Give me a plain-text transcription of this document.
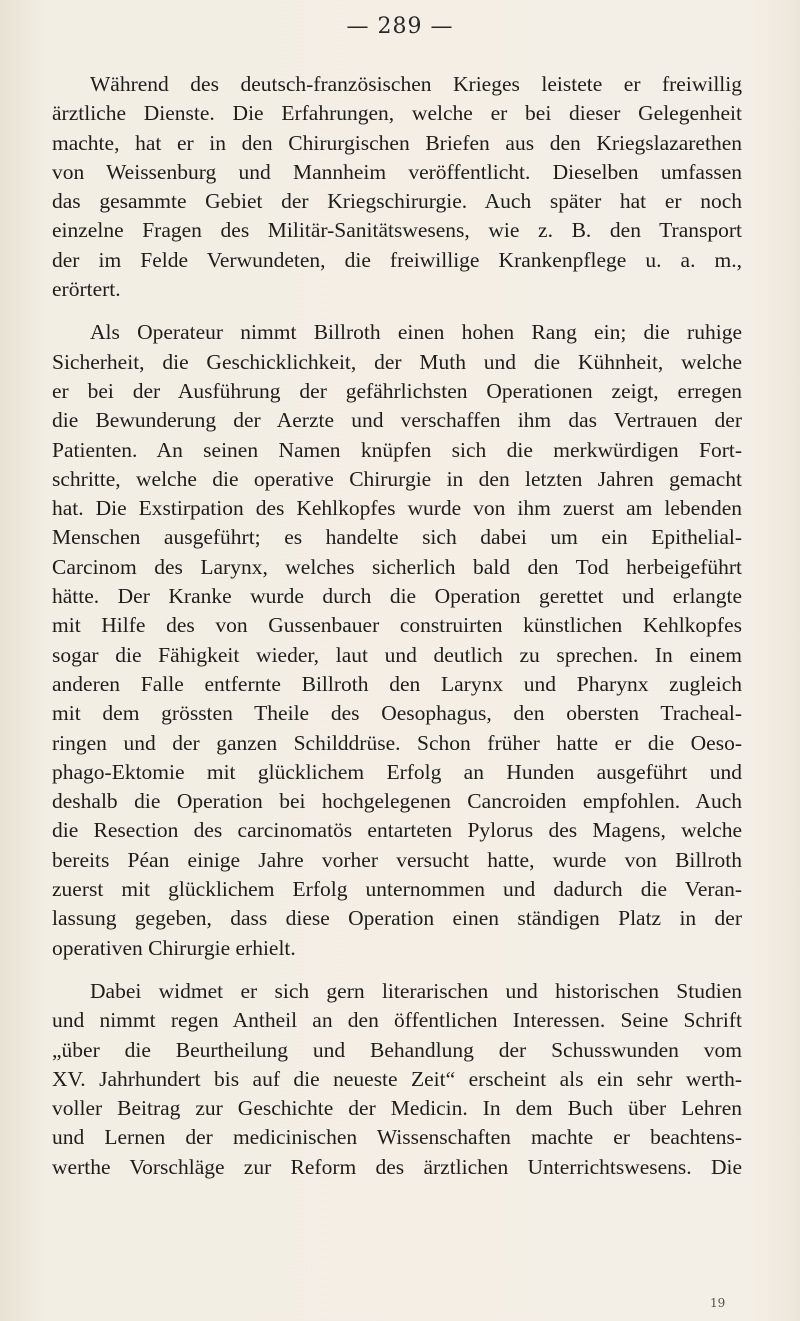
— 289 —

Während des deutsch-französischen Krieges leistete er freiwillig
ärztliche Dienste. Die Erfahrungen, welche er bei dieser Gelegenheit
machte, hat er in den Chirurgischen Briefen aus den Kriegslazarethen
von Weissenburg und Mannheim veröffentlicht. Dieselben umfassen
das gesammte Gebiet der Kriegschirurgie. Auch später hat er noch
einzelne Fragen des Militär-Sanitätswesens, wie z. B. den Transport
der im Felde Verwundeten, die freiwillige Krankenpflege u. a. m.,
erörtert.

Als Operateur nimmt Billroth einen hohen Rang ein; die ruhige
Sicherheit, die Geschicklichkeit, der Muth und die Kühnheit, welche
er bei der Ausführung der gefährlichsten Operationen zeigt, erregen
die Bewunderung der Aerzte und verschaffen ihm das Vertrauen der
Patienten. An seinen Namen knüpfen sich die merkwürdigen Fort-
schritte, welche die operative Chirurgie in den letzten Jahren gemacht
hat. Die Exstirpation des Kehlkopfes wurde von ihm zuerst am lebenden
Menschen ausgeführt; es handelte sich dabei um ein Epithelial-
Carcinom des Larynx, welches sicherlich bald den Tod herbeigeführt
hätte. Der Kranke wurde durch die Operation gerettet und erlangte
mit Hilfe des von Gussenbauer construirten künstlichen Kehlkopfes
sogar die Fähigkeit wieder, laut und deutlich zu sprechen. In einem
anderen Falle entfernte Billroth den Larynx und Pharynx zugleich
mit dem grössten Theile des Oesophagus, den obersten Tracheal-
ringen und der ganzen Schilddrüse. Schon früher hatte er die Oeso-
phago-Ektomie mit glücklichem Erfolg an Hunden ausgeführt und
deshalb die Operation bei hochgelegenen Cancroiden empfohlen. Auch
die Resection des carcinomatös entarteten Pylorus des Magens, welche
bereits Péan einige Jahre vorher versucht hatte, wurde von Billroth
zuerst mit glücklichem Erfolg unternommen und dadurch die Veran-
lassung gegeben, dass diese Operation einen ständigen Platz in der
operativen Chirurgie erhielt.

Dabei widmet er sich gern literarischen und historischen Studien
und nimmt regen Antheil an den öffentlichen Interessen. Seine Schrift
„über die Beurtheilung und Behandlung der Schusswunden vom
XV. Jahrhundert bis auf die neueste Zeit“ erscheint als ein sehr werth-
voller Beitrag zur Geschichte der Medicin. In dem Buch über Lehren
und Lernen der medicinischen Wissenschaften machte er beachtens-
werthe Vorschläge zur Reform des ärztlichen Unterrichtswesens. Die

19
